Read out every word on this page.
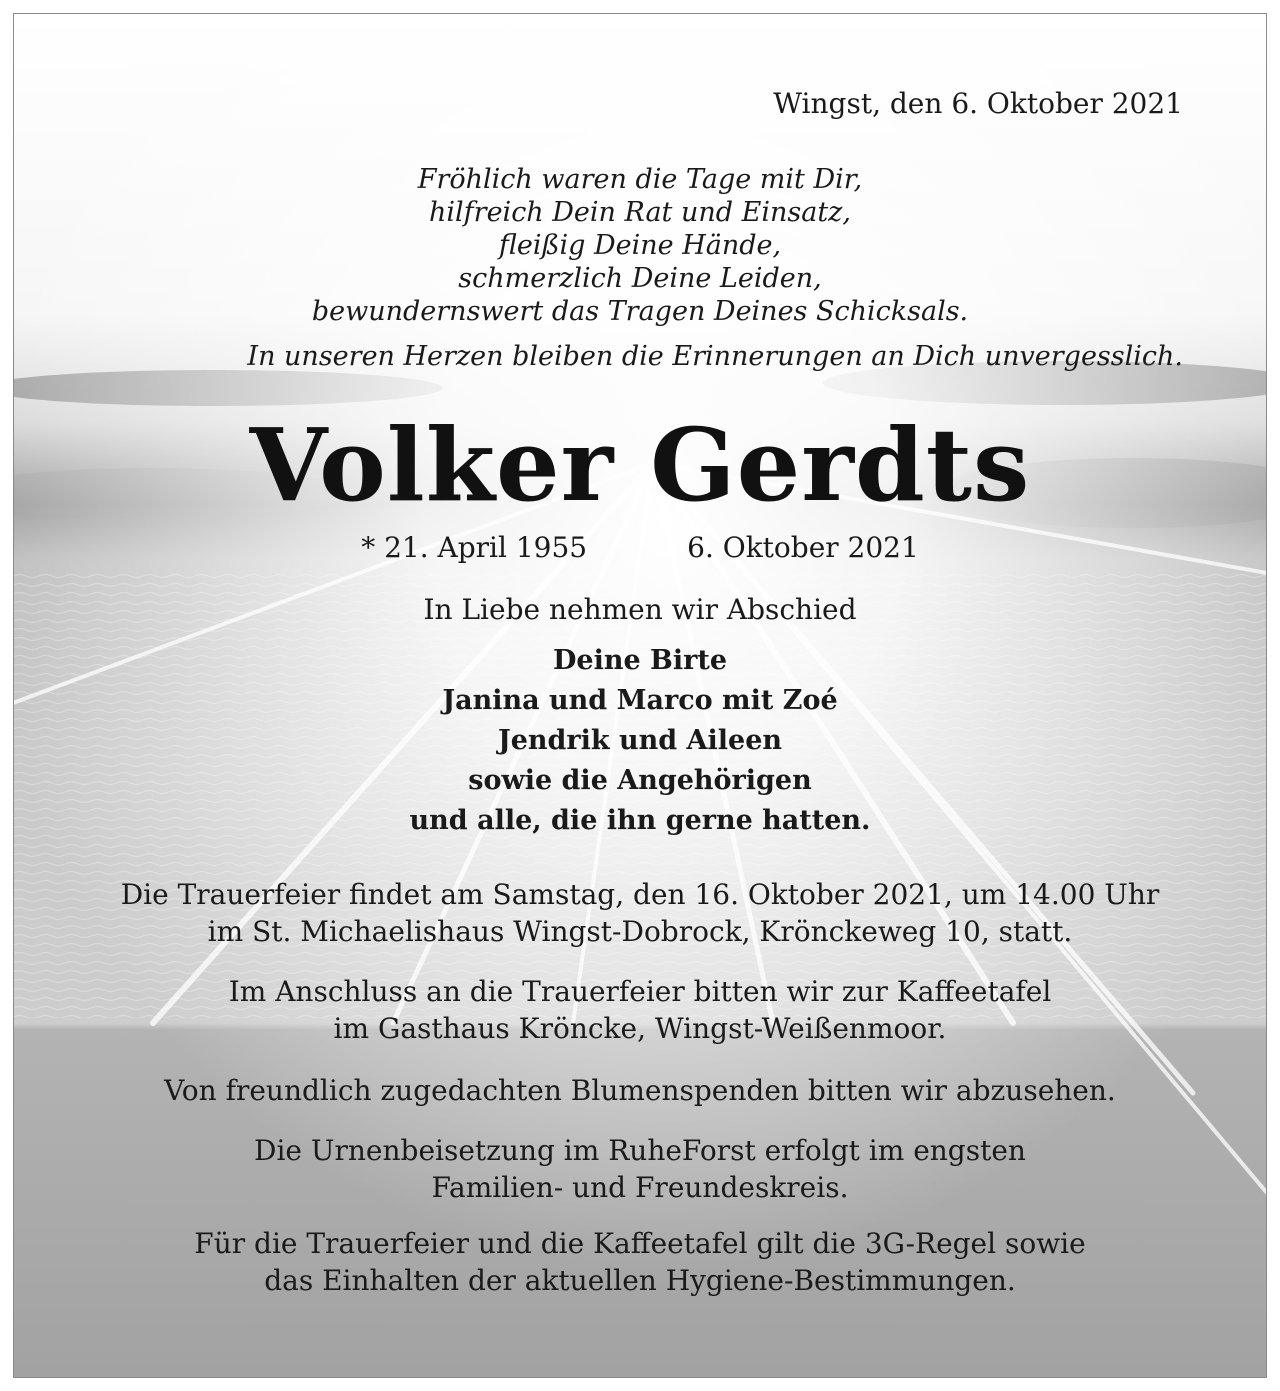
Wingst, den 6. Oktober 2021
Fröhlich waren die Tage mit Dir,
hilfreich Dein Rat und Einsatz,
fleißig Deine Hände,
schmerzlich Deine Leiden,
bewundernswert das Tragen Deines Schicksals.
In unseren Herzen bleiben die Erinnerungen an Dich unvergesslich.
Volker Gerdts
* 21. April 1955	6. Oktober 2021
In Liebe nehmen wir Abschied
Deine Birte
Janina und Marco mit Zoé
Jendrik und Aileen
sowie die Angehörigen
und alle, die ihn gerne hatten.
Die Trauerfeier findet am Samstag, den 16. Oktober 2021, um 14.00 Uhr
im St. Michaelishaus Wingst-Dobrock, Krönckeweg 10, statt.
Im Anschluss an die Trauerfeier bitten wir zur Kaffeetafel
im Gasthaus Kröncke, Wingst-Weißenmoor.
Von freundlich zugedachten Blumenspenden bitten wir abzusehen.
Die Urnenbeisetzung im RuheForst erfolgt im engsten
Familien- und Freundeskreis.
Für die Trauerfeier und die Kaffeetafel gilt die 3G-Regel sowie
das Einhalten der aktuellen Hygiene-Bestimmungen.
